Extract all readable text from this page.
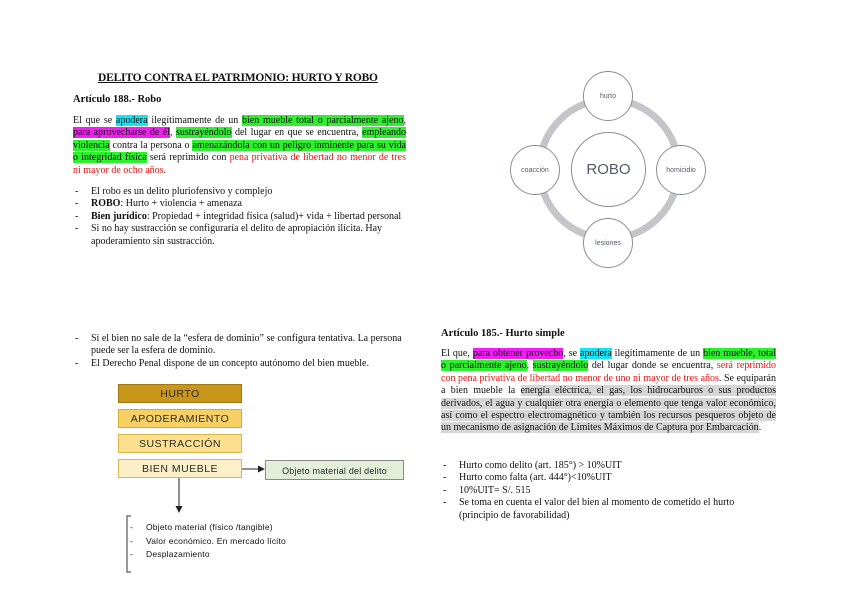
DELITO CONTRA EL PATRIMONIO: HURTO Y ROBO
Artículo 188.- Robo
El que se apodera ilegítimamente de un bien mueble total o parcialmente ajeno, para aprovecharse de él, sustrayéndolo del lugar en que se encuentra, empleando violencia contra la persona o amenazándola con un peligro inminente para su vida o integridad física será reprimido con pena privativa de libertad no menor de tres ni mayor de ocho años.
- El robo es un delito pluriofensivo y complejo
- ROBO: Hurto + violencia + amenaza
- Bien jurídico: Propiedad + integridad física (salud)+ vida + libertad personal
- Si no hay sustracción se configuraría el delito de apropiación ilícita. Hay apoderamiento sin sustracción.
ROBO
hurto
coacción	homicidio
lesiones
- Si el bien no sale de la “esfera de dominio” se configura tentativa. La persona puede ser la esfera de dominio.
- El Derecho Penal dispone de un concepto autónomo del bien mueble.
HURTO
APODERAMIENTO
SUSTRACCIÓN
BIEN MUEBLE	Objeto material del delito
- Objeto material (físico /tangible)
- Valor económico. En mercado lícito
- Desplazamiento
Artículo 185.- Hurto simple
El que, para obtener provecho, se apodera ilegítimamente de un bien mueble, total o parcialmente ajeno, sustrayéndolo del lugar donde se encuentra, será reprimido con pena privativa de libertad no menor de uno ni mayor de tres años. Se equiparán a bien mueble la energía eléctrica, el gas, los hidrocarburos o sus productos derivados, el agua y cualquier otra energía o elemento que tenga valor económico, así como el espectro electromagnético y también los recursos pesqueros objeto de un mecanismo de asignación de Límites Máximos de Captura por Embarcación.
- Hurto como delito (art. 185°) > 10%UIT
- Hurto como falta (art. 444°)<10%UIT
- 10%UIT= S/. 515
- Se toma en cuenta el valor del bien al momento de cometido el hurto (principio de favorabilidad)
